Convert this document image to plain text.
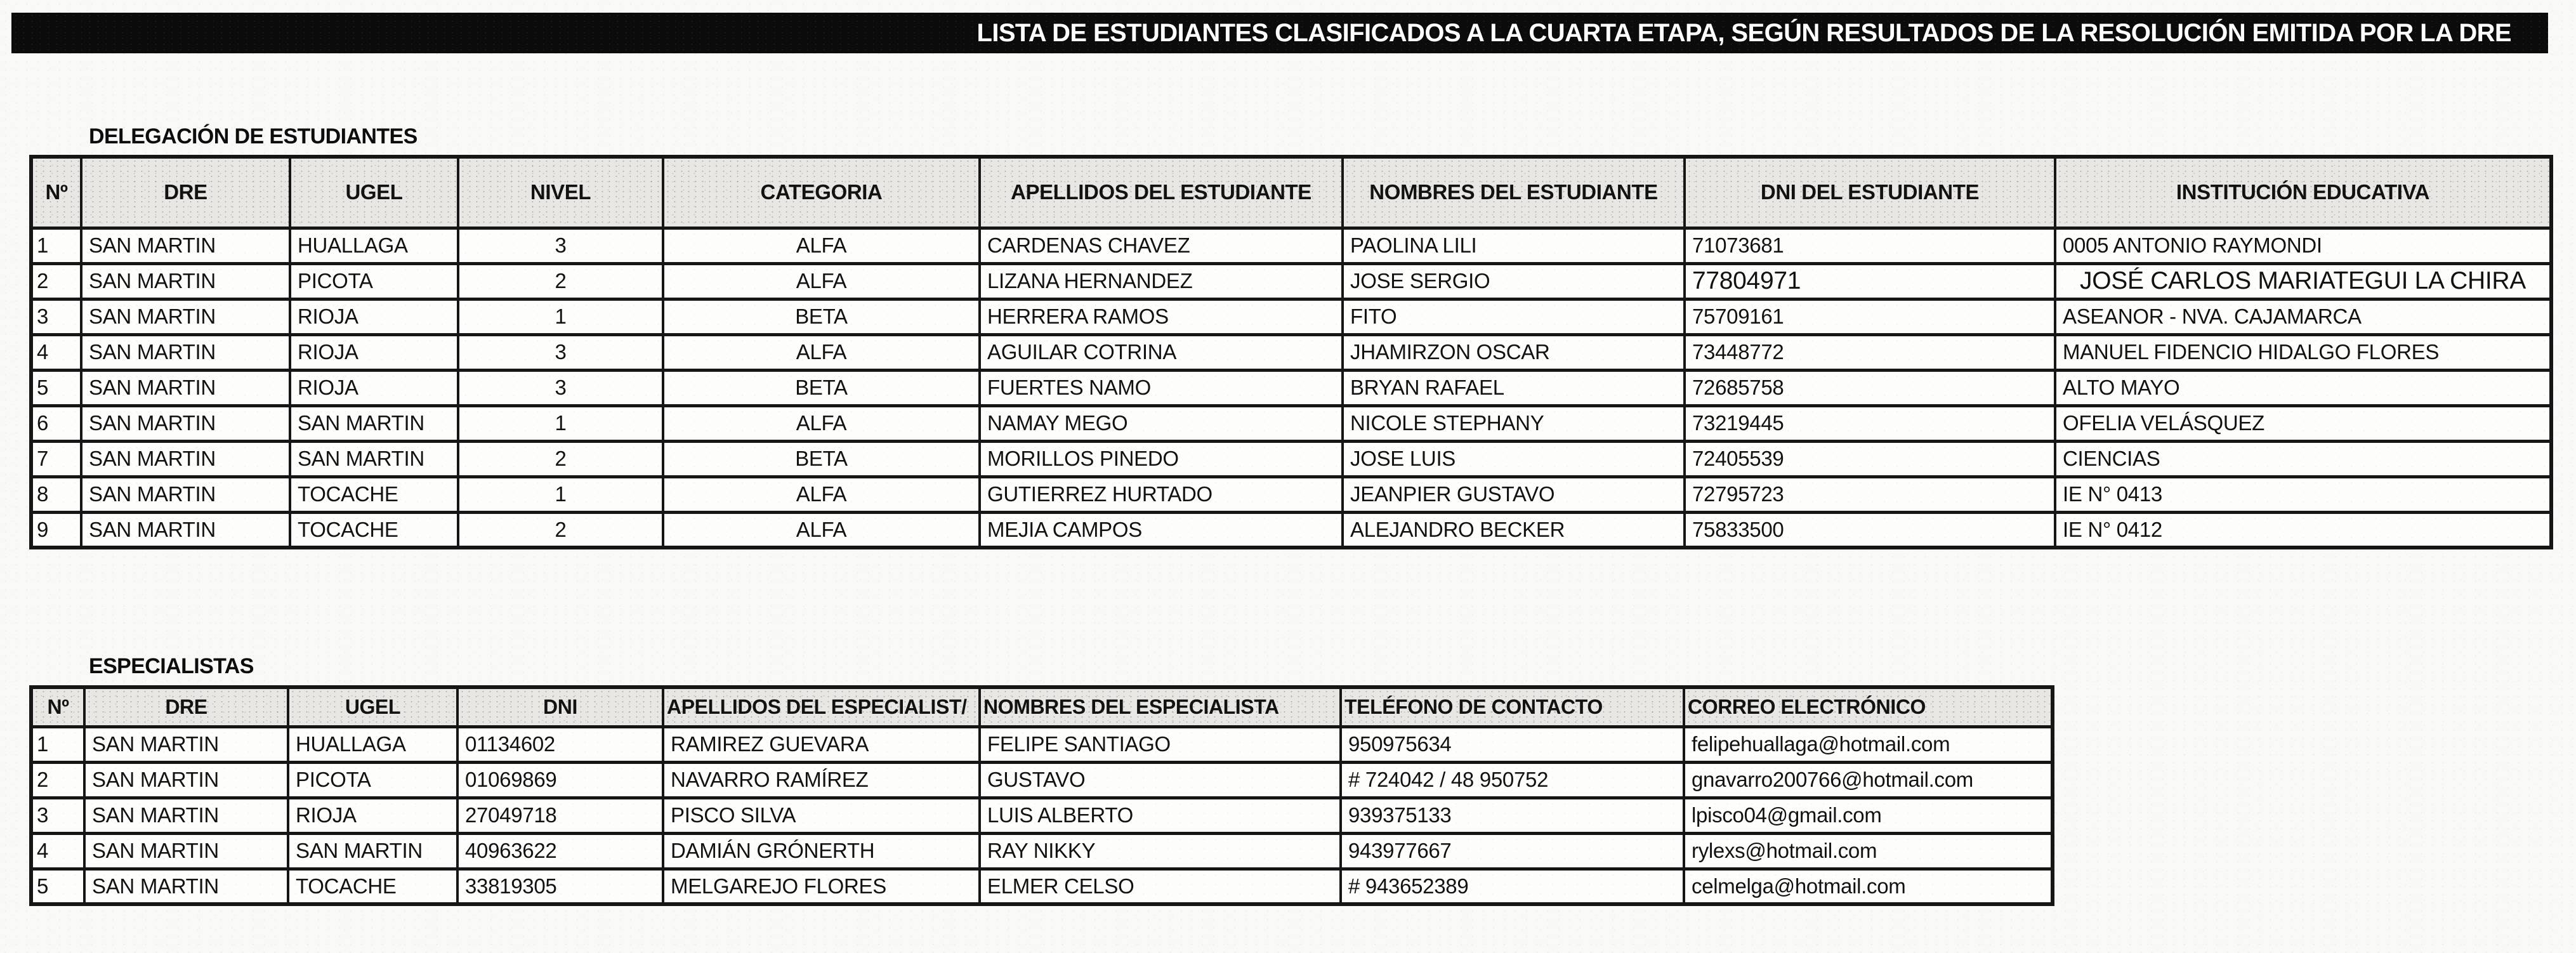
LISTA DE ESTUDIANTES CLASIFICADOS A LA CUARTA ETAPA, SEGÚN RESULTADOS DE LA RESOLUCIÓN EMITIDA POR LA DRE
DELEGACIÓN DE ESTUDIANTES
Nº	DRE	UGEL	NIVEL	CATEGORIA	APELLIDOS DEL ESTUDIANTE	NOMBRES DEL ESTUDIANTE	DNI DEL ESTUDIANTE	INSTITUCIÓN EDUCATIVA
1	SAN MARTIN	HUALLAGA	3	ALFA	CARDENAS CHAVEZ	PAOLINA LILI	71073681	0005 ANTONIO RAYMONDI
2	SAN MARTIN	PICOTA	2	ALFA	LIZANA HERNANDEZ	JOSE SERGIO	77804971	JOSÉ CARLOS MARIATEGUI LA CHIRA
3	SAN MARTIN	RIOJA	1	BETA	HERRERA RAMOS	FITO	75709161	ASEANOR - NVA. CAJAMARCA
4	SAN MARTIN	RIOJA	3	ALFA	AGUILAR COTRINA	JHAMIRZON OSCAR	73448772	MANUEL FIDENCIO HIDALGO FLORES
5	SAN MARTIN	RIOJA	3	BETA	FUERTES NAMO	BRYAN RAFAEL	72685758	ALTO MAYO
6	SAN MARTIN	SAN MARTIN	1	ALFA	NAMAY MEGO	NICOLE STEPHANY	73219445	OFELIA VELÁSQUEZ
7	SAN MARTIN	SAN MARTIN	2	BETA	MORILLOS PINEDO	JOSE LUIS	72405539	CIENCIAS
8	SAN MARTIN	TOCACHE	1	ALFA	GUTIERREZ HURTADO	JEANPIER GUSTAVO	72795723	IE N° 0413
9	SAN MARTIN	TOCACHE	2	ALFA	MEJIA CAMPOS	ALEJANDRO BECKER	75833500	IE N° 0412
ESPECIALISTAS
Nº	DRE	UGEL	DNI	APELLIDOS DEL ESPECIALIST/	NOMBRES DEL ESPECIALISTA	TELÉFONO DE CONTACTO	CORREO ELECTRÓNICO
1	SAN MARTIN	HUALLAGA	01134602	RAMIREZ GUEVARA	FELIPE SANTIAGO	950975634	felipehuallaga@hotmail.com
2	SAN MARTIN	PICOTA	01069869	NAVARRO RAMÍREZ	GUSTAVO	# 724042 / 48 950752	gnavarro200766@hotmail.com
3	SAN MARTIN	RIOJA	27049718	PISCO SILVA	LUIS ALBERTO	939375133	lpisco04@gmail.com
4	SAN MARTIN	SAN MARTIN	40963622	DAMIÁN GRÓNERTH	RAY NIKKY	943977667	rylexs@hotmail.com
5	SAN MARTIN	TOCACHE	33819305	MELGAREJO FLORES	ELMER CELSO	# 943652389	celmelga@hotmail.com
